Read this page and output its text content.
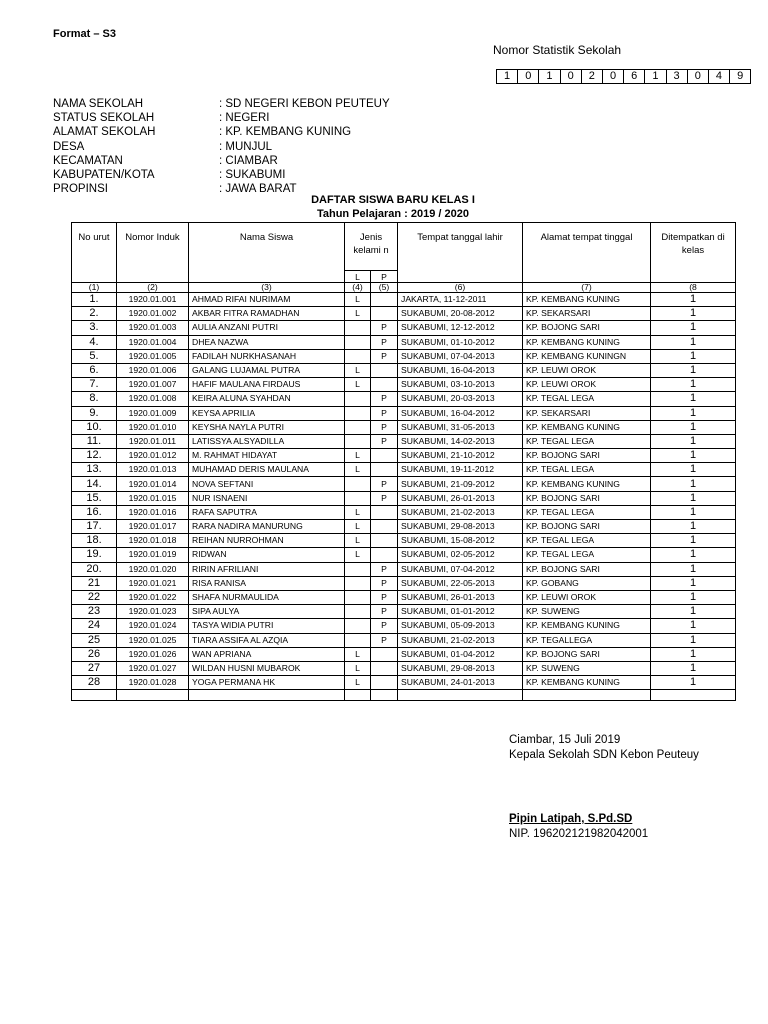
Format – S3
Nomor Statistik Sekolah
1	0	1	0	2	0	6	1	3	0	4	9
NAMA SEKOLAH	: SD NEGERI KEBON PEUTEUY
STATUS SEKOLAH	: NEGERI
ALAMAT SEKOLAH	: KP. KEMBANG KUNING
DESA	: MUNJUL
KECAMATAN	: CIAMBAR
KABUPATEN/KOTA	: SUKABUMI
PROPINSI	: JAWA BARAT
DAFTAR SISWA BARU KELAS I
Tahun Pelajaran : 2019 / 2020
No urut	Nomor Induk	Nama Siswa	Jenis kelami n		Tempat tanggal lahir	Alamat tempat tinggal	Ditempatkan di kelas
			L	P			
(1)	(2)	(3)	(4)	(5)	(6)	(7)	(8
1.	1920.01.001	AHMAD RIFAI NURIMAM	L		JAKARTA, 11-12-2011	KP. KEMBANG KUNING	1
2.	1920.01.002	AKBAR FITRA RAMADHAN	L		SUKABUMI, 20-08-2012	KP. SEKARSARI	1
3.	1920.01.003	AULIA ANZANI PUTRI		P	SUKABUMI, 12-12-2012	KP. BOJONG SARI	1
4.	1920.01.004	DHEA NAZWA		P	SUKABUMI, 01-10-2012	KP. KEMBANG KUNING	1
5.	1920.01.005	FADILAH NURKHASANAH		P	SUKABUMI, 07-04-2013	KP. KEMBANG KUNINGN	1
6.	1920.01.006	GALANG LUJAMAL PUTRA	L		SUKABUMI, 16-04-2013	KP. LEUWI OROK	1
7.	1920.01.007	HAFIF MAULANA FIRDAUS	L		SUKABUMI, 03-10-2013	KP. LEUWI OROK	1
8.	1920.01.008	KEIRA ALUNA SYAHDAN		P	SUKABUMI, 20-03-2013	KP. TEGAL LEGA	1
9.	1920.01.009	KEYSA APRILIA		P	SUKABUMI, 16-04-2012	KP. SEKARSARI	1
10.	1920.01.010	KEYSHA NAYLA PUTRI		P	SUKABUMI, 31-05-2013	KP. KEMBANG KUNING	1
11.	1920.01.011	LATISSYA ALSYADILLA		P	SUKABUMI, 14-02-2013	KP. TEGAL LEGA	1
12.	1920.01.012	M. RAHMAT HIDAYAT	L		SUKABUMI, 21-10-2012	KP. BOJONG SARI	1
13.	1920.01.013	MUHAMAD DERIS MAULANA	L		SUKABUMI, 19-11-2012	KP. TEGAL LEGA	1
14.	1920.01.014	NOVA SEFTANI		P	SUKABUMI, 21-09-2012	KP. KEMBANG KUNING	1
15.	1920.01.015	NUR ISNAENI		P	SUKABUMI, 26-01-2013	KP. BOJONG SARI	1
16.	1920.01.016	RAFA SAPUTRA	L		SUKABUMI, 21-02-2013	KP. TEGAL LEGA	1
17.	1920.01.017	RARA NADIRA MANURUNG	L		SUKABUMI, 29-08-2013	KP. BOJONG SARI	1
18.	1920.01.018	REIHAN NURROHMAN	L		SUKABUMI, 15-08-2012	KP. TEGAL LEGA	1
19.	1920.01.019	RIDWAN	L		SUKABUMI, 02-05-2012	KP. TEGAL LEGA	1
20.	1920.01.020	RIRIN AFRILIANI		P	SUKABUMI, 07-04-2012	KP. BOJONG SARI	1
21	1920.01.021	RISA RANISA		P	SUKABUMI, 22-05-2013	KP. GOBANG	1
22	1920.01.022	SHAFA NURMAULIDA		P	SUKABUMI, 26-01-2013	KP. LEUWI OROK	1
23	1920.01.023	SIPA AULYA		P	SUKABUMI, 01-01-2012	KP. SUWENG	1
24	1920.01.024	TASYA WIDIA PUTRI		P	SUKABUMI, 05-09-2013	KP. KEMBANG KUNING	1
25	1920.01.025	TIARA ASSIFA AL AZQIA		P	SUKABUMI, 21-02-2013	KP. TEGALLEGA	1
26	1920.01.026	WAN APRIANA	L		SUKABUMI, 01-04-2012	KP. BOJONG SARI	1
27	1920.01.027	WILDAN HUSNI MUBAROK	L		SUKABUMI, 29-08-2013	KP. SUWENG	1
28	1920.01.028	YOGA PERMANA HK	L		SUKABUMI, 24-01-2013	KP. KEMBANG KUNING	1

Ciambar, 15 Juli 2019
Kepala Sekolah SDN Kebon Peuteuy
Pipin Latipah, S.Pd.SD
NIP. 196202121982042001
